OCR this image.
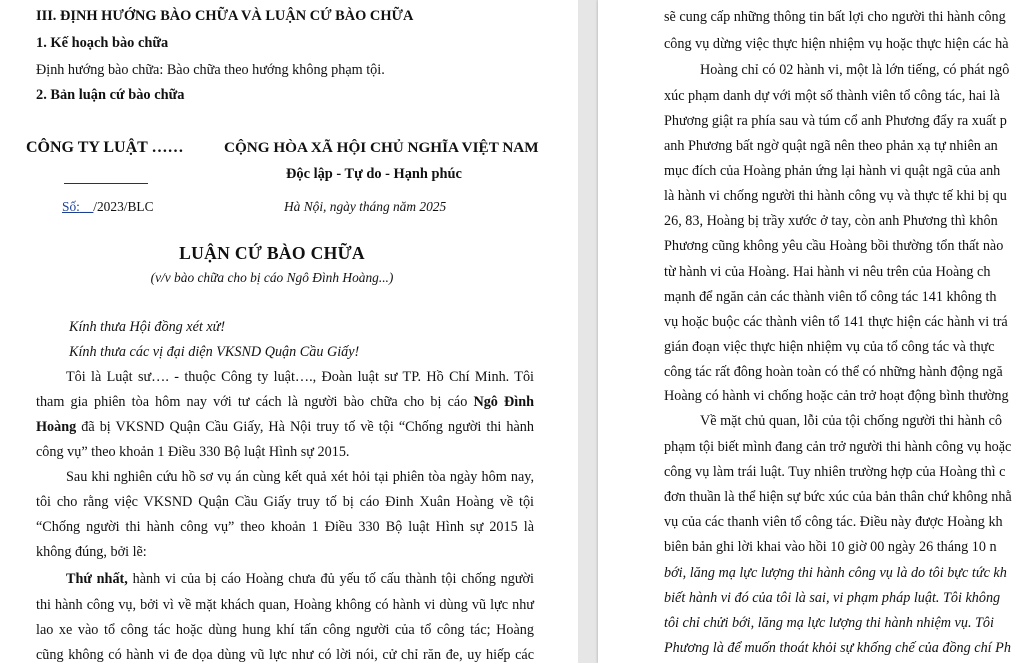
III. ĐỊNH HƯỚNG BÀO CHỮA VÀ LUẬN CỨ BÀO CHỮA
1. Kế hoạch bào chữa
Định hướng bào chữa: Bào chữa theo hướng không phạm tội.
2. Bản luận cứ bào chữa
CÔNG TY LUẬT ……	CỘNG HÒA XÃ HỘI CHỦ NGHĨA VIỆT NAM
Độc lập - Tự do - Hạnh phúc
Số:__/2023/BLC	Hà Nội, ngày tháng năm 2025
LUẬN CỨ BÀO CHỮA
(v/v bào chữa cho bị cáo Ngô Đình Hoàng...)
Kính thưa Hội đồng xét xử!
Kính thưa các vị đại diện VKSND Quận Cầu Giấy!
Tôi là Luật sư…. - thuộc Công ty luật…., Đoàn luật sư TP. Hồ Chí Minh. Tôi
tham gia phiên tòa hôm nay với tư cách là người bào chữa cho bị cáo Ngô Đình
Hoàng đã bị VKSND Quận Cầu Giấy, Hà Nội truy tố về tội “Chống người thi hành
công vụ” theo khoản 1 Điều 330 Bộ luật Hình sự 2015.
Sau khi nghiên cứu hồ sơ vụ án cùng kết quả xét hỏi tại phiên tòa ngày hôm nay,
tôi cho rằng việc VKSND Quận Cầu Giấy truy tố bị cáo Đinh Xuân Hoàng về tội
“Chống người thi hành công vụ” theo khoản 1 Điều 330 Bộ luật Hình sự 2015 là
không đúng, bởi lẽ:
Thứ nhất, hành vi của bị cáo Hoàng chưa đủ yếu tố cấu thành tội chống người
thi hành công vụ, bởi vì về mặt khách quan, Hoàng không có hành vi dùng vũ lực như
lao xe vào tổ công tác hoặc dùng hung khí tấn công người của tổ công tác; Hoàng
cũng không có hành vi đe dọa dùng vũ lực như có lời nói, cử chỉ răn đe, uy hiếp các
sẽ cung cấp những thông tin bất lợi cho người thi hành công
công vụ dừng việc thực hiện nhiệm vụ hoặc thực hiện các hà
Hoàng chỉ có 02 hành vi, một là lớn tiếng, có phát ngô
xúc phạm danh dự với một số thành viên tổ công tác, hai là
Phương giật ra phía sau và túm cổ anh Phương đẩy ra xuất p
anh Phương bất ngờ quật ngã nên theo phản xạ tự nhiên an
mục đích của Hoàng phản ứng lại hành vi quật ngã của anh
là hành vi chống người thi hành công vụ và thực tế khi bị qu
26, 83, Hoàng bị trầy xước ở tay, còn anh Phương thì khôn
Phương cũng không yêu cầu Hoàng bồi thường tổn thất nào
từ hành vi của Hoàng. Hai hành vi nêu trên của Hoàng ch
mạnh để ngăn cản các thành viên tổ công tác 141 không th
vụ hoặc buộc các thành viên tổ 141 thực hiện các hành vi trá
gián đoạn việc thực hiện nhiệm vụ của tổ công tác và thực
công tác rất đông hoàn toàn có thể có những hành động ngă
Hoàng có hành vi chống hoặc cản trở hoạt động bình thường
Về mặt chủ quan, lỗi của tội chống người thi hành cô
phạm tội biết mình đang cản trở người thi hành công vụ hoặc
công vụ làm trái luật. Tuy nhiên trường hợp của Hoàng thì c
đơn thuần là thể hiện sự bức xúc của bản thân chứ không nhằ
vụ của các thanh viên tổ công tác. Điều này được Hoàng kh
biên bản ghi lời khai vào hồi 10 giờ 00 ngày 26 tháng 10 n
bới, lăng mạ lực lượng thi hành công vụ là do tôi bực tức kh
biết hành vi đó của tôi là sai, vi phạm pháp luật. Tôi không
tôi chỉ chửi bới, lăng mạ lực lượng thi hành nhiệm vụ. Tôi
Phương là để muốn thoát khỏi sự khống chế của đồng chí Ph
